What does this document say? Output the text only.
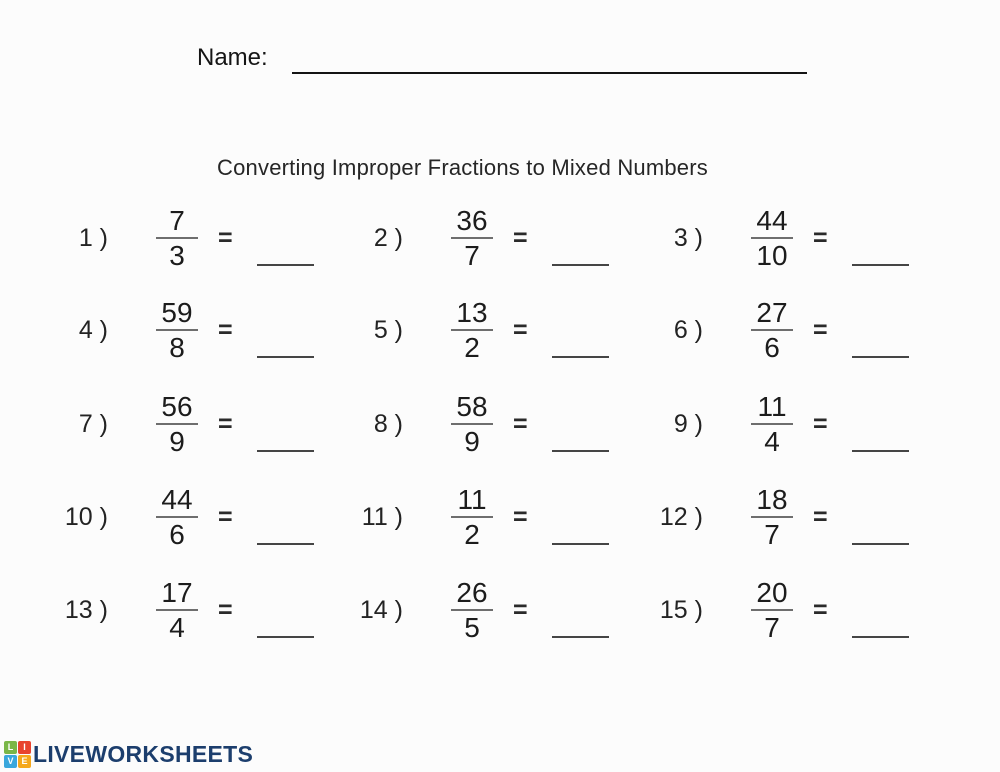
Name:
Converting Improper Fractions to Mixed Numbers
1 ) $\frac{7}{3}$ =	2 ) $\frac{36}{7}$ =	3 ) $\frac{44}{10}$ =
4 ) $\frac{59}{8}$ =	5 ) $\frac{13}{2}$ =	6 ) $\frac{27}{6}$ =
7 ) $\frac{56}{9}$ =	8 ) $\frac{58}{9}$ =	9 ) $\frac{11}{4}$ =
10 ) $\frac{44}{6}$ =	11 ) $\frac{11}{2}$ =	12 ) $\frac{18}{7}$ =
13 ) $\frac{17}{4}$ =	14 ) $\frac{26}{5}$ =	15 ) $\frac{20}{7}$ =
L	I
V E LIVEWORKSHEETS
